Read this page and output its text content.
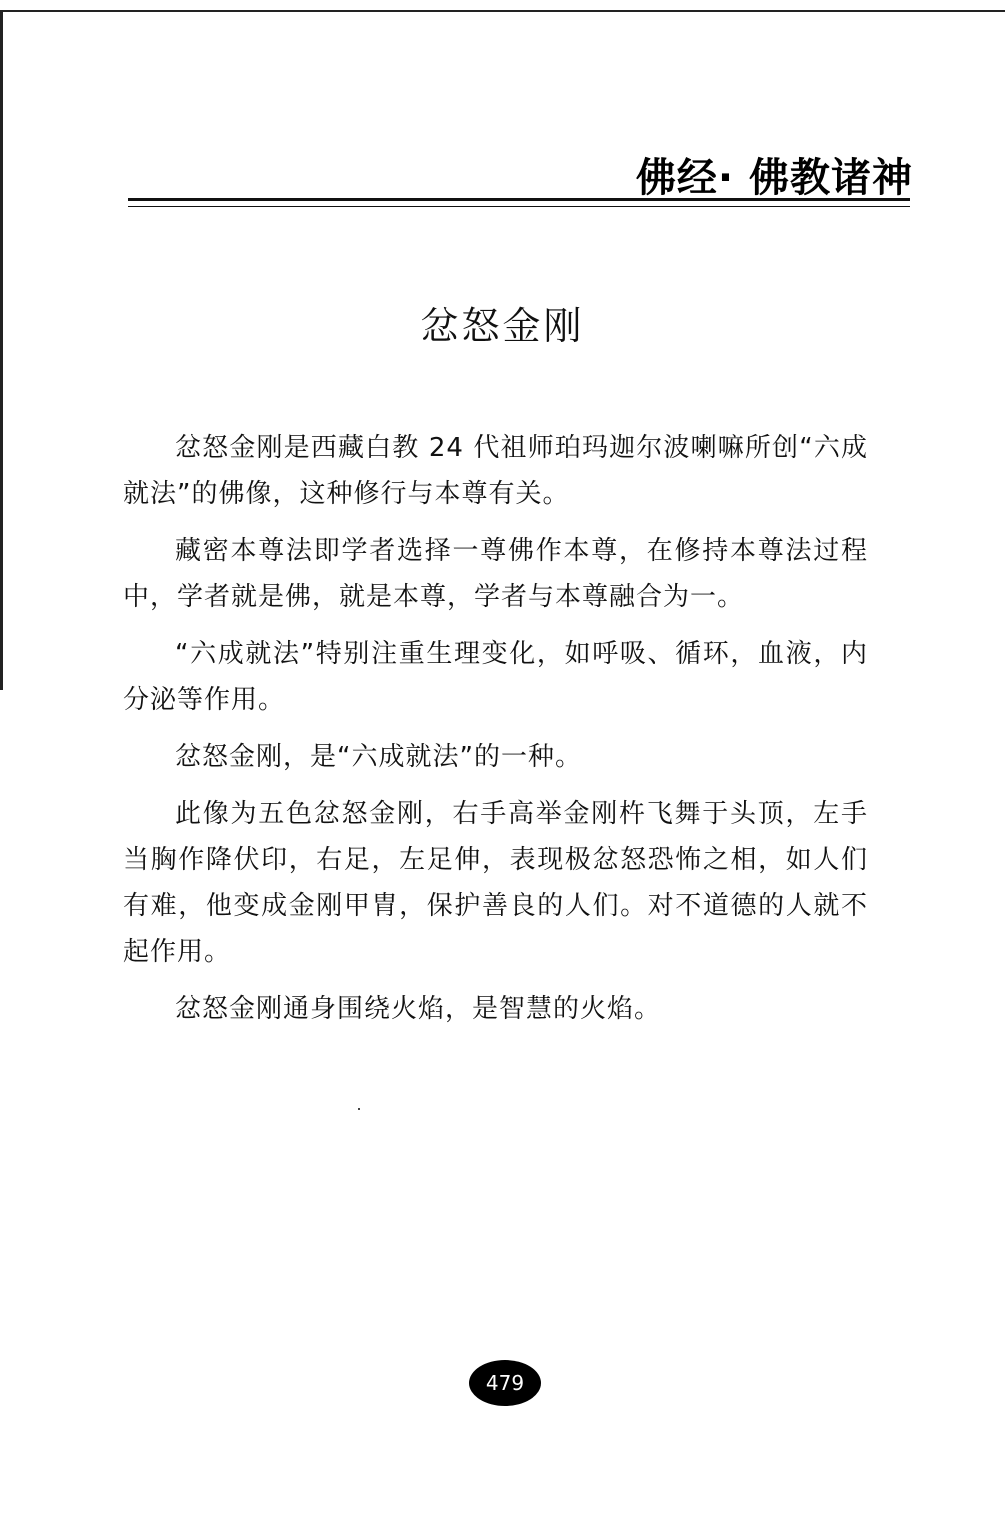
佛经· 佛教诸神
忿怒金刚

忿怒金刚是西藏白教 24 代祖师珀玛迦尔波喇嘛所创“六成就法”的佛像，这种修行与本尊有关。

藏密本尊法即学者选择一尊佛作本尊，在修持本尊法过程中，学者就是佛，就是本尊，学者与本尊融合为一。

“六成就法”特别注重生理变化，如呼吸、循环，血液，内分泌等作用。

忿怒金刚，是“六成就法”的一种。

此像为五色忿怒金刚，右手高举金刚杵飞舞于头顶，左手当胸作降伏印，右足，左足伸，表现极忿怒恐怖之相，如人们有难，他变成金刚甲胄，保护善良的人们。对不道德的人就不起作用。

忿怒金刚通身围绕火焰，是智慧的火焰。

479
